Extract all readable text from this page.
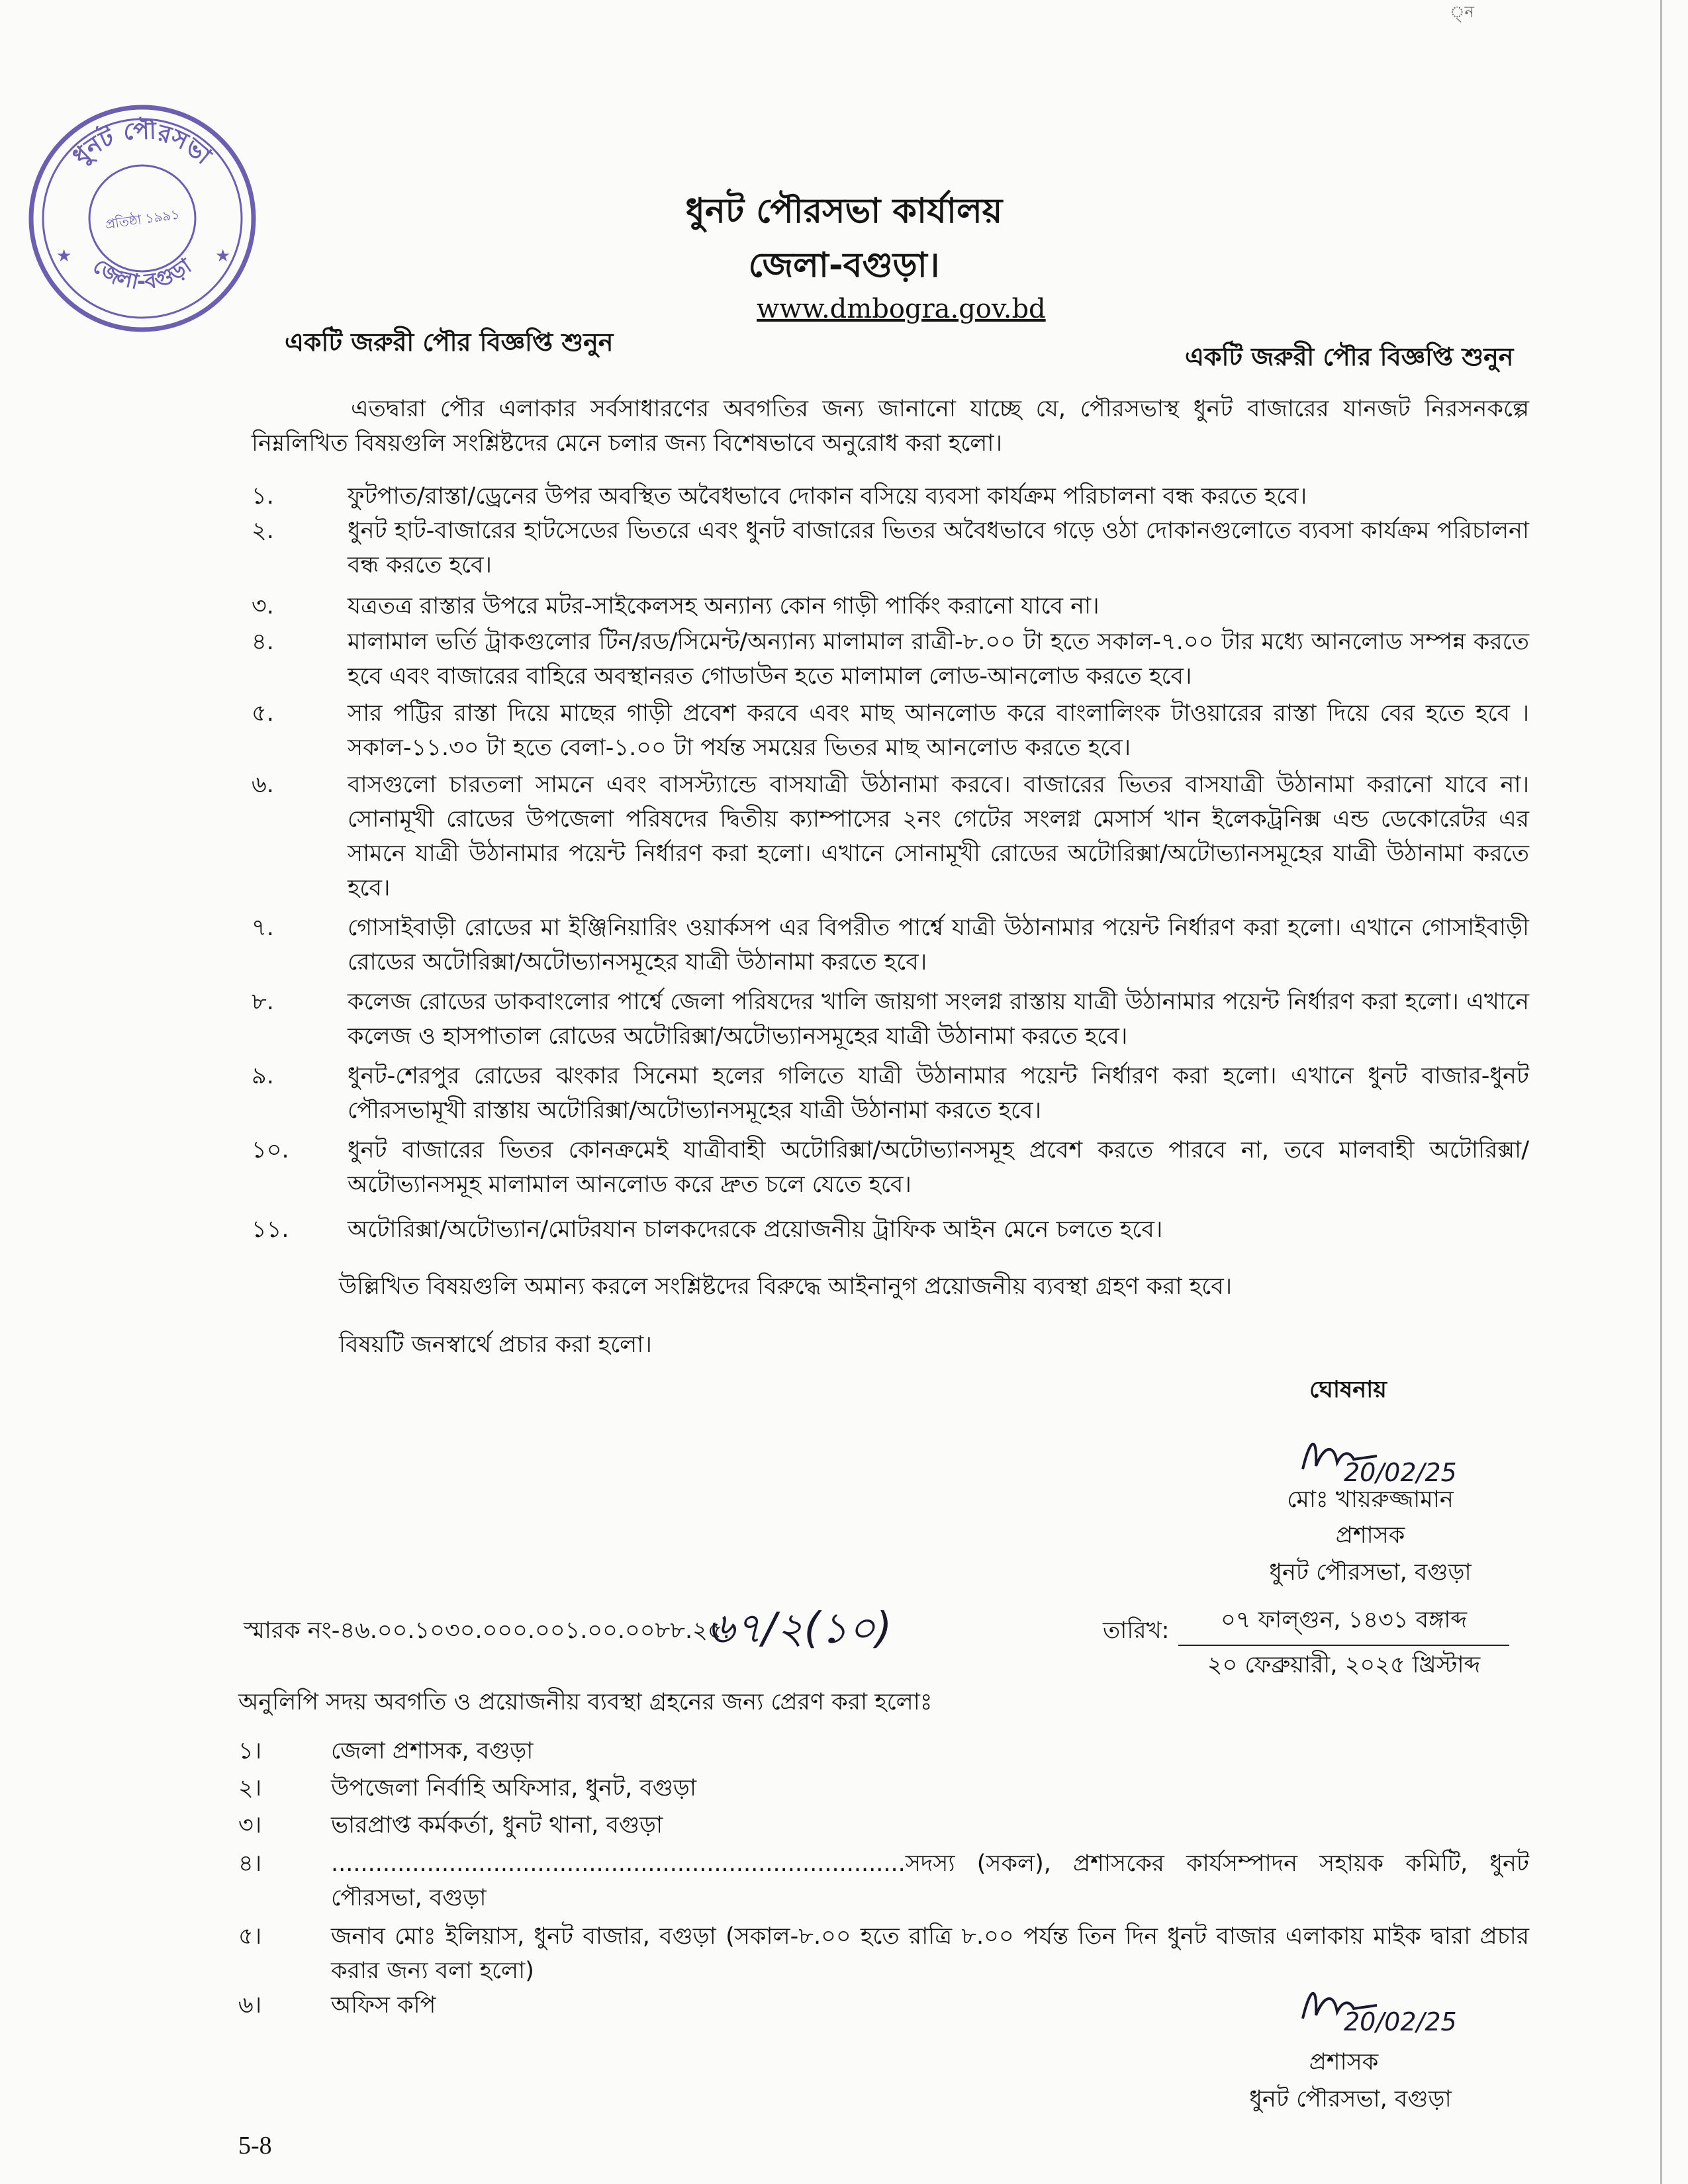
্ন
ধুনট পৌরসভা
জেলা-বগুড়া
প্রতিষ্ঠা ১৯৯১
★	★
ধুনট পৌরসভা কার্যালয়
জেলা-বগুড়া।
www.dmbogra.gov.bd
একটি জরুরী পৌর বিজ্ঞপ্তি শুনুন	একটি জরুরী পৌর বিজ্ঞপ্তি শুনুন
এতদ্বারা পৌর এলাকার সর্বসাধারণের অবগতির জন্য জানানো যাচ্ছে যে, পৌরসভাস্থ ধুনট বাজারের যানজট নিরসনকল্পে নিম্নলিখিত বিষয়গুলি সংশ্লিষ্টদের মেনে চলার জন্য বিশেষভাবে অনুরোধ করা হলো।
১.	ফুটপাত/রাস্তা/ড্রেনের উপর অবস্থিত অবৈধভাবে দোকান বসিয়ে ব্যবসা কার্যক্রম পরিচালনা বন্ধ করতে হবে।
২.	ধুনট হাট-বাজারের হাটসেডের ভিতরে এবং ধুনট বাজারের ভিতর অবৈধভাবে গড়ে ওঠা দোকানগুলোতে ব্যবসা কার্যক্রম পরিচালনা বন্ধ করতে হবে।
৩.	যত্রতত্র রাস্তার উপরে মটর-সাইকেলসহ অন্যান্য কোন গাড়ী পার্কিং করানো যাবে না।
৪.	মালামাল ভর্তি ট্রাকগুলোর টিন/রড/সিমেন্ট/অন্যান্য মালামাল রাত্রী-৮.০০ টা হতে সকাল-৭.০০ টার মধ্যে আনলোড সম্পন্ন করতে হবে এবং বাজারের বাহিরে অবস্থানরত গোডাউন হতে মালামাল লোড-আনলোড করতে হবে।
৫.	সার পট্টির রাস্তা দিয়ে মাছের গাড়ী প্রবেশ করবে এবং মাছ আনলোড করে বাংলালিংক টাওয়ারের রাস্তা দিয়ে বের হতে হবে । সকাল-১১.৩০ টা হতে বেলা-১.০০ টা পর্যন্ত সময়ের ভিতর মাছ আনলোড করতে হবে।
৬.	বাসগুলো চারতলা সামনে এবং বাসস্ট্যান্ডে বাসযাত্রী উঠানামা করবে। বাজারের ভিতর বাসযাত্রী উঠানামা করানো যাবে না। সোনামূখী রোডের উপজেলা পরিষদের দ্বিতীয় ক্যাম্পাসের ২নং গেটের সংলগ্ন মেসার্স খান ইলেকট্রনিক্স এন্ড ডেকোরেটর এর সামনে যাত্রী উঠানামার পয়েন্ট নির্ধারণ করা হলো। এখানে সোনামূখী রোডের অটোরিক্সা/অটোভ্যানসমূহের যাত্রী উঠানামা করতে হবে।
৭.	গোসাইবাড়ী রোডের মা ইঞ্জিনিয়ারিং ওয়ার্কসপ এর বিপরীত পার্শ্বে যাত্রী উঠানামার পয়েন্ট নির্ধারণ করা হলো। এখানে গোসাইবাড়ী রোডের অটোরিক্সা/অটোভ্যানসমূহের যাত্রী উঠানামা করতে হবে।
৮.	কলেজ রোডের ডাকবাংলোর পার্শ্বে জেলা পরিষদের খালি জায়গা সংলগ্ন রাস্তায় যাত্রী উঠানামার পয়েন্ট নির্ধারণ করা হলো। এখানে কলেজ ও হাসপাতাল রোডের অটোরিক্সা/অটোভ্যানসমূহের যাত্রী উঠানামা করতে হবে।
৯.	ধুনট-শেরপুর রোডের ঝংকার সিনেমা হলের গলিতে যাত্রী উঠানামার পয়েন্ট নির্ধারণ করা হলো। এখানে ধুনট বাজার-ধুনট পৌরসভামূখী রাস্তায় অটোরিক্সা/অটোভ্যানসমূহের যাত্রী উঠানামা করতে হবে।
১০.	ধুনট বাজারের ভিতর কোনক্রমেই যাত্রীবাহী অটোরিক্সা/অটোভ্যানসমূহ প্রবেশ করতে পারবে না, তবে মালবাহী অটোরিক্সা/ অটোভ্যানসমূহ মালামাল আনলোড করে দ্রুত চলে যেতে হবে।
১১.	অটোরিক্সা/অটোভ্যান/মোটরযান চালকদেরকে প্রয়োজনীয় ট্রাফিক আইন মেনে চলতে হবে।
উল্লিখিত বিষয়গুলি অমান্য করলে সংশ্লিষ্টদের বিরুদ্ধে আইনানুগ প্রয়োজনীয় ব্যবস্থা গ্রহণ করা হবে।
বিষয়টি জনস্বার্থে প্রচার করা হলো।
ঘোষনায়
20/02/25
মোঃ খায়রুজ্জামান
প্রশাসক
ধুনট পৌরসভা, বগুড়া
স্মারক নং-৪৬.০০.১০৩০.০০০.০০১.০০.০০৮৮.২৫.
৬৭/২(১০)	তারিখ:	০৭ ফাল্গুন, ১৪৩১ বঙ্গাব্দ
২০ ফেব্রুয়ারী, ২০২৫ খ্রিস্টাব্দ
অনুলিপি সদয় অবগতি ও প্রয়োজনীয় ব্যবস্থা গ্রহনের জন্য প্রেরণ করা হলোঃ
১।	জেলা প্রশাসক, বগুড়া
২।	উপজেলা নির্বাহি অফিসার, ধুনট, বগুড়া
৩।	ভারপ্রাপ্ত কর্মকর্তা, ধুনট থানা, বগুড়া
৪।	..............................................................................সদস্য (সকল), প্রশাসকের কার্যসম্পাদন সহায়ক কমিটি, ধুনট পৌরসভা, বগুড়া
৫।	জনাব মোঃ ইলিয়াস, ধুনট বাজার, বগুড়া (সকাল-৮.০০ হতে রাত্রি ৮.০০ পর্যন্ত তিন দিন ধুনট বাজার এলাকায় মাইক দ্বারা প্রচার করার জন্য বলা হলো)
৬।	অফিস কপি
20/02/25
প্রশাসক
ধুনট পৌরসভা, বগুড়া
5-8
